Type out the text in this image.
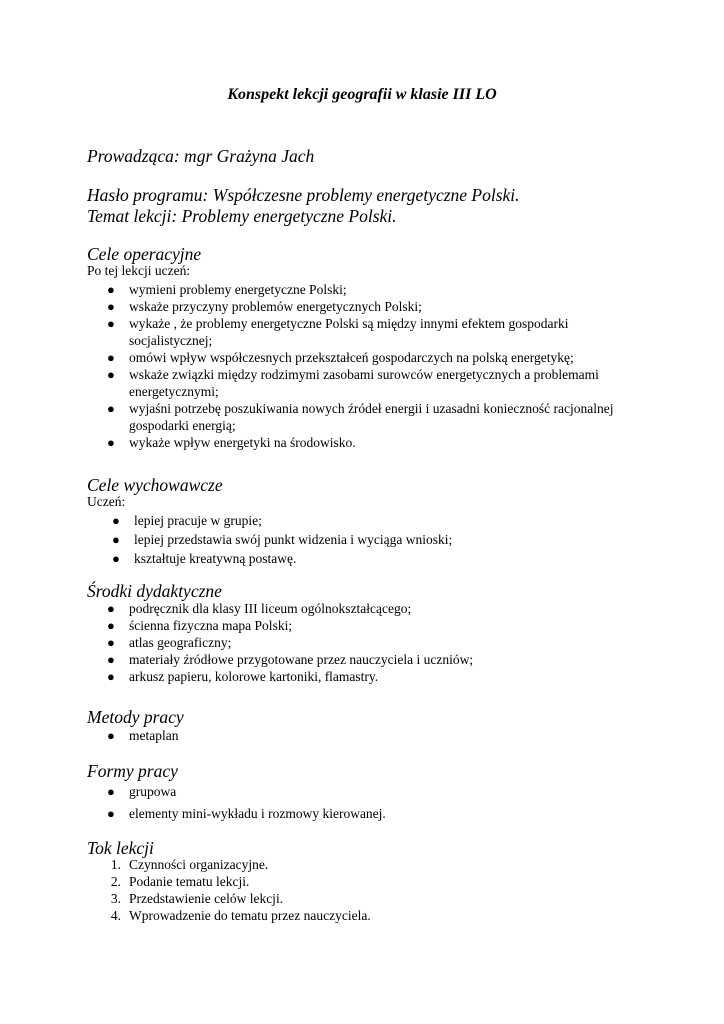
Konspekt lekcji geografii w klasie III LO
Prowadząca: mgr Grażyna Jach
Hasło programu: Współczesne problemy energetyczne Polski.
Temat lekcji: Problemy energetyczne Polski.
Cele operacyjne
Po tej lekcji uczeń:
● wymieni problemy energetyczne Polski;
● wskaże przyczyny problemów energetycznych Polski;
● wykaże , że problemy energetyczne Polski są między innymi efektem gospodarki socjalistycznej;
● omówi wpływ współczesnych przekształceń gospodarczych na polską energetykę;
● wskaże związki między rodzimymi zasobami surowców energetycznych a problemami energetycznymi;
● wyjaśni potrzebę poszukiwania nowych źródeł energii i uzasadni konieczność racjonalnej gospodarki energią;
● wykaże wpływ energetyki na środowisko.
Cele wychowawcze
Uczeń:
● lepiej pracuje w grupie;
● lepiej przedstawia swój punkt widzenia i wyciąga wnioski;
● kształtuje kreatywną postawę.
Środki dydaktyczne
● podręcznik dla klasy III liceum ogólnokształcącego;
● ścienna fizyczna mapa Polski;
● atlas geograficzny;
● materiały źródłowe przygotowane przez nauczyciela i uczniów;
● arkusz papieru, kolorowe kartoniki, flamastry.
Metody pracy
● metaplan
Formy pracy
● grupowa
● elementy mini-wykładu i rozmowy kierowanej.
Tok lekcji
1. Czynności organizacyjne.
2. Podanie tematu lekcji.
3. Przedstawienie celów lekcji.
4. Wprowadzenie do tematu przez nauczyciela.
